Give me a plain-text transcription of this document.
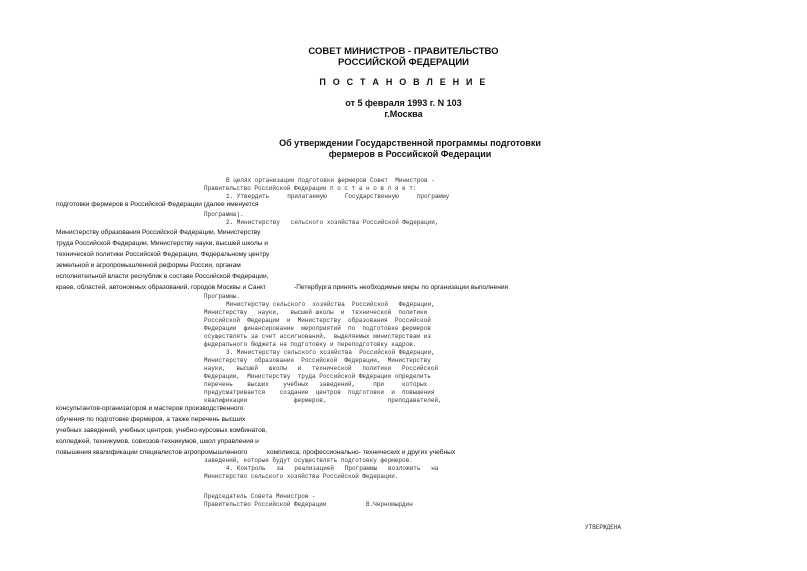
СОВЕТ МИНИСТРОВ - ПРАВИТЕЛЬСТВО
РОССИЙСКОЙ ФЕДЕРАЦИИ
П О С Т А Н О В Л Е Н И Е
от 5 февраля 1993 г. N 103
г.Москва
Об утверждении Государственной программы подготовки
фермеров в Российской Федерации
В целях организации подготовки фермеров Совет  Министров -
Правительство Российской Федерации п о с т а н о в л я е т:
1. Утвердить     прилагаемую     Государственную     программу
подготовки фермеров в Российской Федерации (далее именуется
Программа).
2. Министерству   сельского хозяйства Российской Федерации,
Министерству образования Российской Федерации, Министерству
труда Российской Федерации, Министерству науки, высшей школы и
технической политики Российской Федерации, Федеральному центру
земельной и агропромышленной реформы России, органам
исполнительной власти республик в составе Российской Федерации,
краев, областей, автономных образований, городов Москвы и Санкт	-Петербурга принять необходимые меры по организации выполнения
Программы.
Министерству сельского  хозяйства  Российской   Федерации,
Министерству   науки,   высшей школы  и  технической  политики
Российской  Федерации  и  Министерству  образования  Российской
Федерации  финансирование  мероприятий  по  подготовке фермеров
осуществлять за счет ассигнований,  выделяемых министерствам из
федерального бюджета на подготовку и переподготовку кадров.
3. Министерству сельского хозяйства  Российской Федерации,
Министерству  образования  Российской  Федерации,  Министерству
науки,   высшей   школы   и   технической   политики   Российской
Федерации,  Министерству  труда Российской Федерации определить
перечень    высших    учебных   заведений,     при     которых
предусматривается    создание  центров  подготовки  и  повышения
квалификации             фермеров,                 преподавателей,
консультантов-организаторов и мастеров производственного
обучения по подготовке фермеров, а также перечень высших
учебных заведений, учебных центров, учебно-курсовых комбинатов,
колледжей, техникумов, совхозов-техникумов, школ управления и
повышения квалификации специалистов агропромышленного	комплекса, профессионально- технических и других учебных
заведений, которые будут осуществлять подготовку фермеров.
4. Контроль   за   реализацией   Программы   возложить   на
Министерство сельского хозяйства Российской Федерации.
Председатель Совета Министров -
Правительство Российской Федерации           В.Черномырдин
УТВЕРЖДЕНА
